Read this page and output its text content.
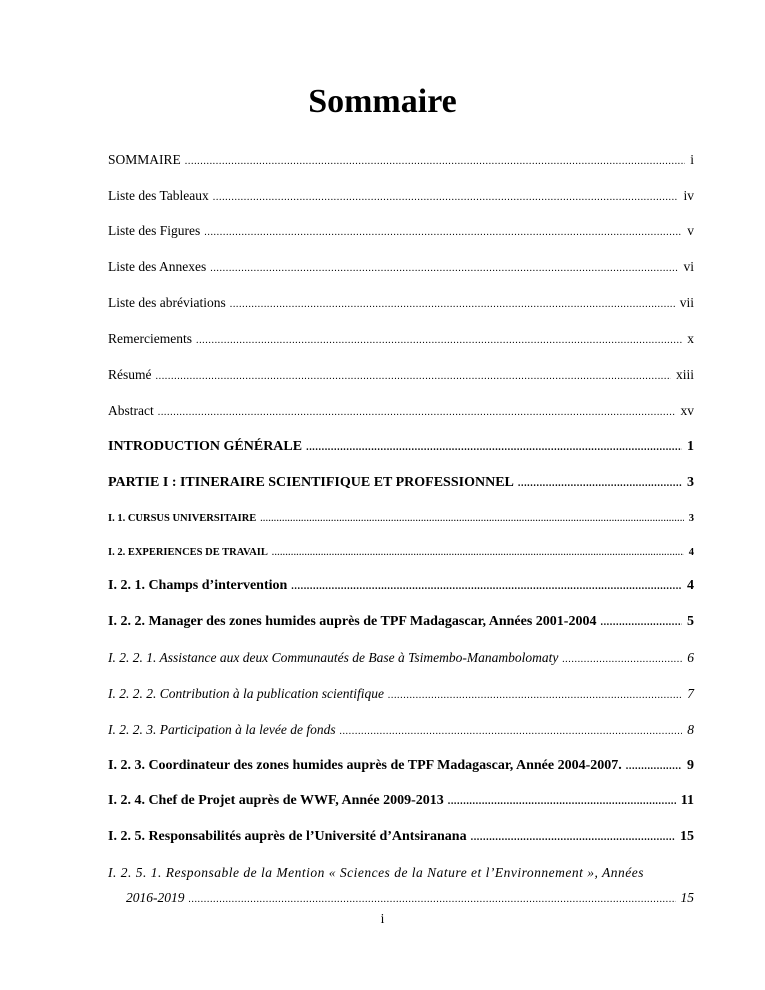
Sommaire
SOMMAIRE .....	i
Liste des Tableaux .....	iv
Liste des Figures .....	v
Liste des Annexes .....	vi
Liste des abréviations .....	vii
Remerciements .....	x
Résumé .....	xiii
Abstract .....	xv
INTRODUCTION GÉNÉRALE .....	1
PARTIE I : ITINERAIRE SCIENTIFIQUE ET PROFESSIONNEL .....	3
I. 1. CURSUS UNIVERSITAIRE .....	3
I. 2. EXPERIENCES DE TRAVAIL .....	4
I. 2. 1. Champs d’intervention .....	4
I. 2. 2. Manager des zones humides auprès de TPF Madagascar, Années 2001-2004 .....	5
I. 2. 2. 1. Assistance aux deux Communautés de Base à Tsimembo-Manambolomaty .....	6
I. 2. 2. 2. Contribution à la publication scientifique .....	7
I. 2. 2. 3. Participation à la levée de fonds .....	8
I. 2. 3. Coordinateur des zones humides auprès de TPF Madagascar, Année 2004-2007. .....	9
I. 2. 4. Chef de Projet auprès de WWF, Année 2009-2013 .....	11
I. 2. 5. Responsabilités auprès de l’Université d’Antsiranana .....	15
I. 2. 5. 1. Responsable de la Mention « Sciences de la Nature et l’Environnement », Années
2016-2019 .....	15
i
